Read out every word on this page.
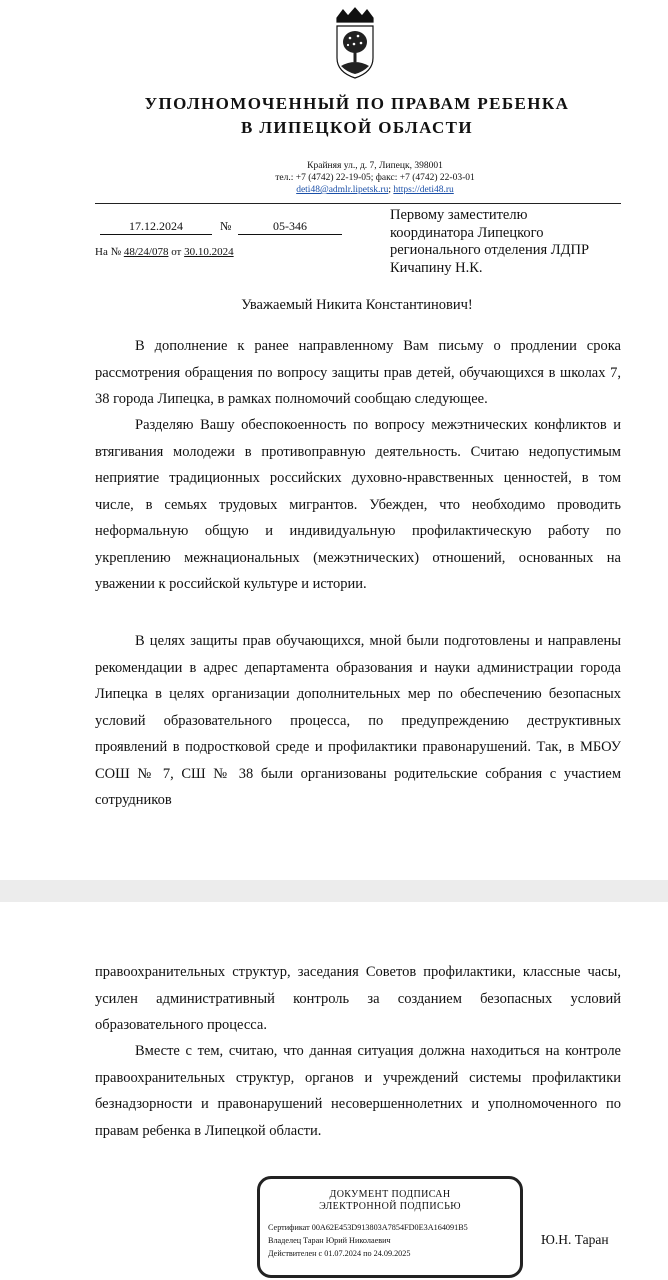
УПОЛНОМОЧЕННЫЙ ПО ПРАВАМ РЕБЕНКА
В ЛИПЕЦКОЙ ОБЛАСТИ
Крайняя ул., д. 7, Липецк, 398001
тел.: +7 (4742) 22-19-05; факс: +7 (4742) 22-03-01
deti48@admlr.lipetsk.ru; https://deti48.ru
17.12.2024	№	05-346
На № 48/24/078 от 30.10.2024
Первому заместителю
координатора Липецкого
регионального отделения ЛДПР
Кичапину Н.К.
Уважаемый Никита Константинович!
В дополнение к ранее направленному Вам письму о продлении срока рассмотрения обращения по вопросу защиты прав детей, обучающихся в школах 7, 38 города Липецка, в рамках полномочий сообщаю следующее.
Разделяю Вашу обеспокоенность по вопросу межэтнических конфликтов и втягивания молодежи в противоправную деятельность. Считаю недопустимым неприятие традиционных российских духовно-нравственных ценностей, в том числе, в семьях трудовых мигрантов. Убежден, что необходимо проводить неформальную общую и индивидуальную профилактическую работу по укреплению межнациональных (межэтнических) отношений, основанных на уважении к российской культуре и истории.
В целях защиты прав обучающихся, мной были подготовлены и направлены рекомендации в адрес департамента образования и науки администрации города Липецка в целях организации дополнительных мер по обеспечению безопасных условий образовательного процесса, по предупреждению деструктивных проявлений в подростковой среде и профилактики правонарушений. Так, в МБОУ СОШ № 7, СШ № 38 были организованы родительские собрания с участием сотрудников
правоохранительных структур, заседания Советов профилактики, классные часы, усилен административный контроль за созданием безопасных условий образовательного процесса.
Вместе с тем, считаю, что данная ситуация должна находиться на контроле правоохранительных структур, органов и учреждений системы профилактики безнадзорности и правонарушений несовершеннолетних и уполномоченного по правам ребенка в Липецкой области.
ДОКУМЕНТ ПОДПИСАН
ЭЛЕКТРОННОЙ ПОДПИСЬЮ
Сертификат 00A62E453D913803A7854FD0E3A164091B5
Владелец Таран Юрий Николаевич
Действителен с 01.07.2024 по 24.09.2025
Ю.Н. Таран
